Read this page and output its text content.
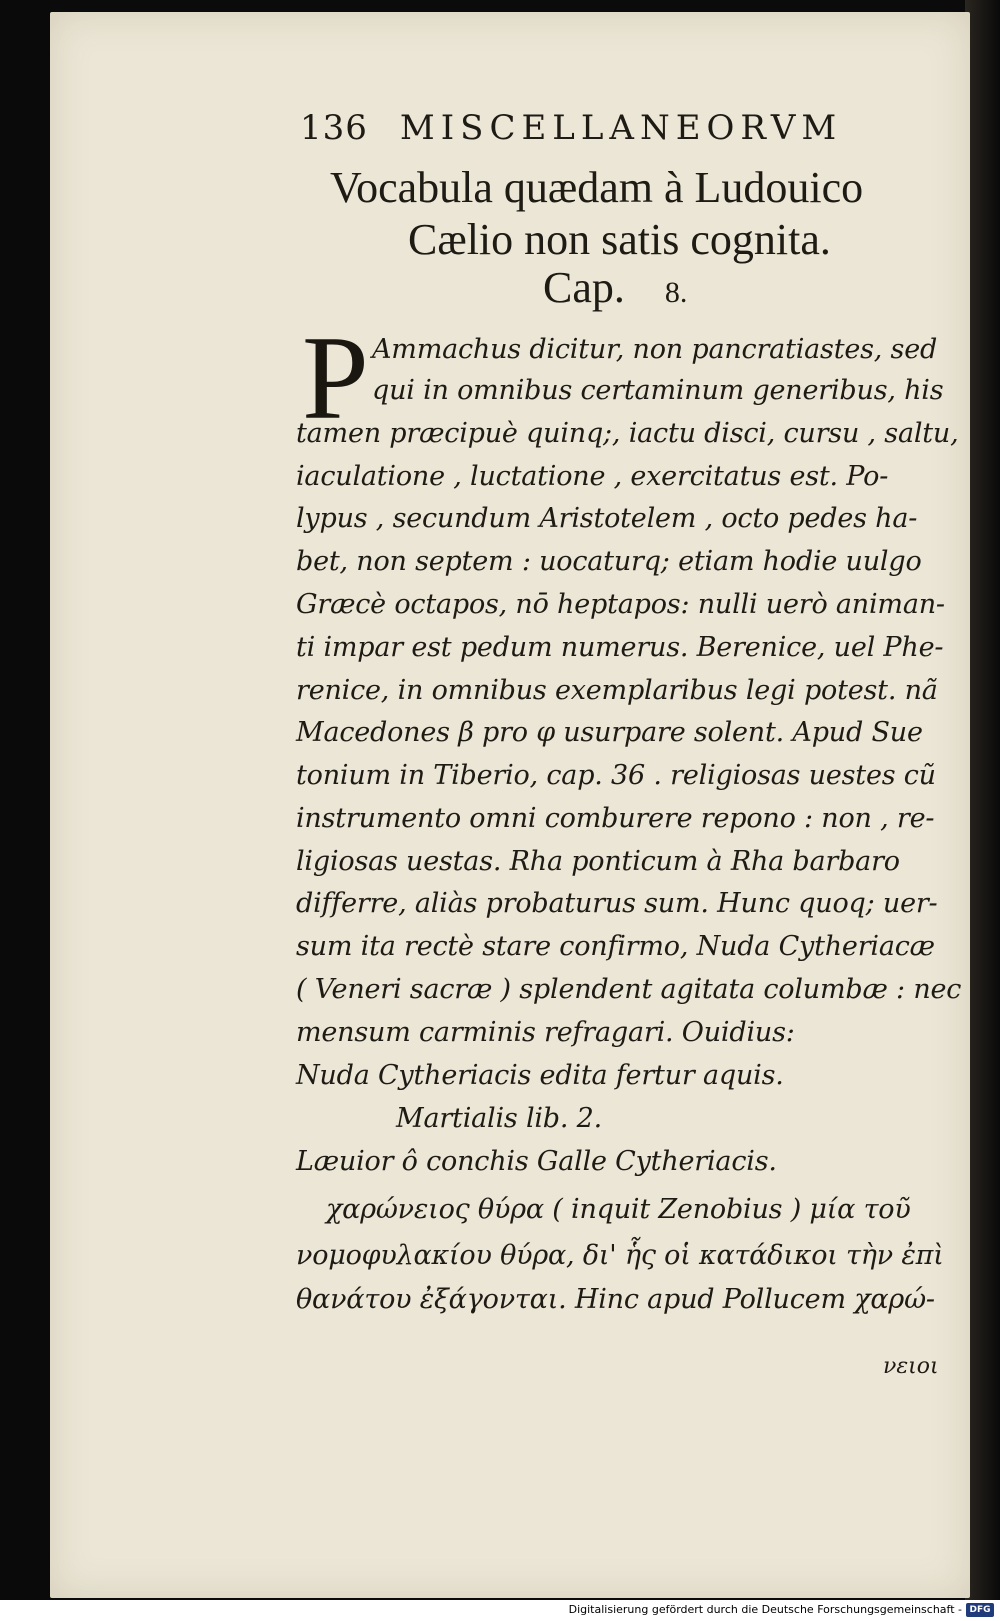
136 MISCELLANEORVM
Vocabula quædam à Ludouico
Cælio non satis cognita.
Cap. 8.
P Ammachus dicitur, non pancratiastes, sed
qui in omnibus certaminum generibus, his
tamen præcipuè quinq;, iactu disci, cursu , saltu,
iaculatione , luctatione , exercitatus est. Po-
lypus , secundum Aristotelem , octo pedes ha-
bet, non septem : uocaturq; etiam hodie uulgo
Græcè octapos, nō heptapos: nulli uerò animan-
ti impar est pedum numerus. Berenice, uel Phe-
renice, in omnibus exemplaribus legi potest. nã
Macedones β pro φ usurpare solent. Apud Sue
tonium in Tiberio, cap. 36 . religiosas uestes cũ
instrumento omni comburere repono : non , re-
ligiosas uestas. Rha ponticum à Rha barbaro
differre, aliàs probaturus sum. Hunc quoq; uer-
sum ita rectè stare confirmo, Nuda Cytheriacæ
( Veneri sacræ ) splendent agitata columbæ : nec
mensum carminis refragari. Ouidius:
Nuda Cytheriacis edita fertur aquis.
Martialis lib. 2.
Læuior ô conchis Galle Cytheriacis.
χαρώνειος θύρα ( inquit Zenobius ) μία τοῦ
νομοφυλακίου θύρα, δι' ἧς οἱ κατάδικοι τὴν ἐπὶ
θανάτου ἐξάγονται. Hinc apud Pollucem χαρώ-
νειοι
Digitalisierung gefördert durch die Deutsche Forschungsgemeinschaft - DFG
